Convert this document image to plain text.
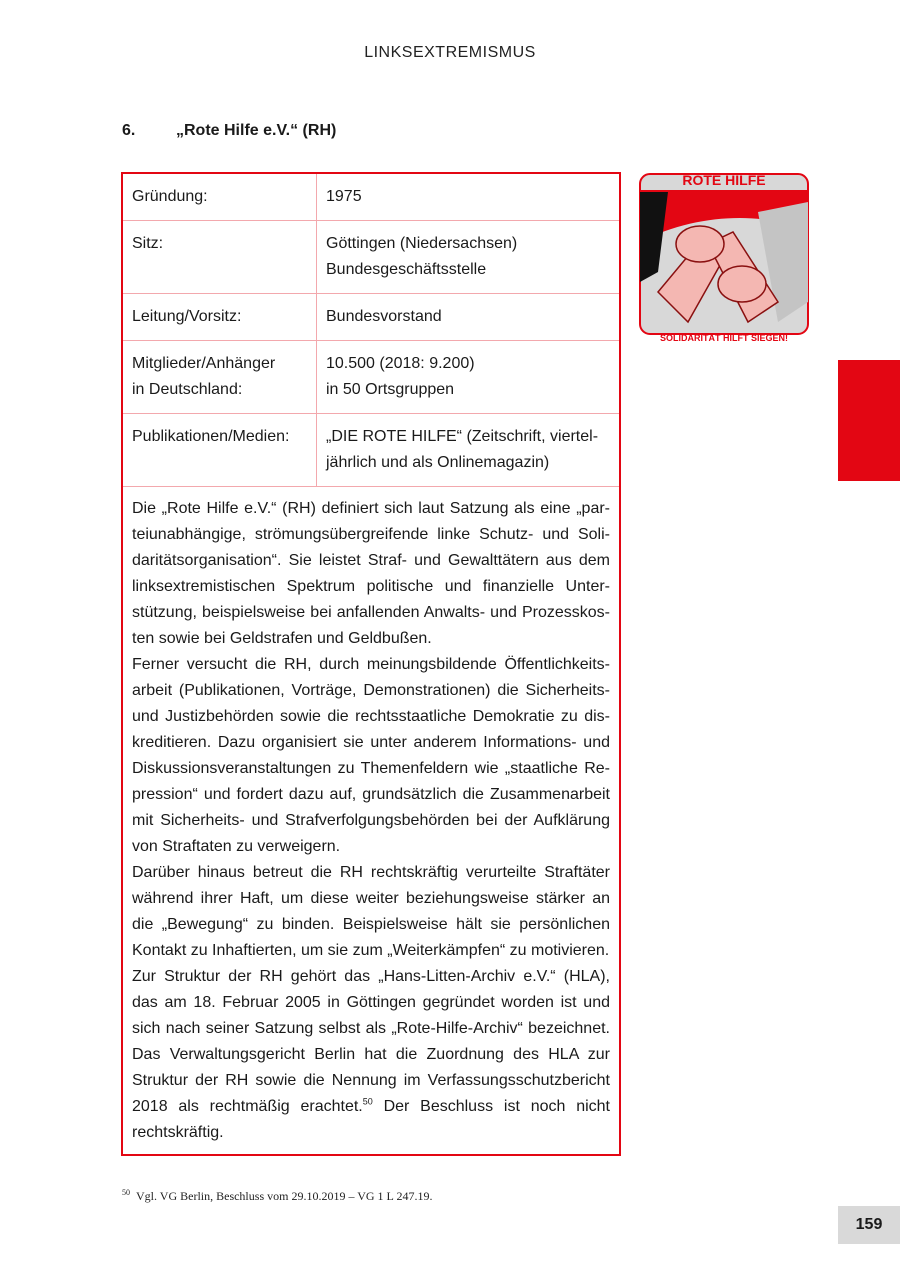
LINKSEXTREMISMUS
6.	„Rote Hilfe e.V.“ (RH)
Gründung:	1975
Sitz:	Göttingen (Niedersachsen)
Bundesgeschäftsstelle
Leitung/Vorsitz:	Bundesvorstand
Mitglieder/Anhänger
in Deutschland:	10.500 (2018: 9.200)
in 50 Ortsgruppen
Publikationen/Medien:	„DIE ROTE HILFE“ (Zeitschrift, vierteljährlich und als Onlinemagazin)

Die „Rote Hilfe e.V.“ (RH) definiert sich laut Satzung als eine „parteiunabhängige, strömungsübergreifende linke Schutz- und Solidaritätsorganisation“. Sie leistet Straf- und Gewalttätern aus dem linksextremistischen Spektrum politische und finanzielle Unterstützung, beispielsweise bei anfallenden Anwalts- und Prozesskosten sowie bei Geldstrafen und Geldbußen.

Ferner versucht die RH, durch meinungsbildende Öffentlichkeitsarbeit (Publikationen, Vorträge, Demonstrationen) die Sicherheits- und Justizbehörden sowie die rechtsstaatliche Demokratie zu diskreditieren. Dazu organisiert sie unter anderem Informations- und Diskussionsveranstaltungen zu Themenfeldern wie „staatliche Repression“ und fordert dazu auf, grundsätzlich die Zusammenarbeit mit Sicherheits- und Strafverfolgungsbehörden bei der Aufklärung von Straftaten zu verweigern.

Darüber hinaus betreut die RH rechtskräftig verurteilte Straftäter während ihrer Haft, um diese weiter beziehungsweise stärker an die „Bewegung“ zu binden. Beispielsweise hält sie persönlichen Kontakt zu Inhaftierten, um sie zum „Weiterkämpfen“ zu motivieren.

Zur Struktur der RH gehört das „Hans-Litten-Archiv e.V.“ (HLA), das am 18. Februar 2005 in Göttingen gegründet worden ist und sich nach seiner Satzung selbst als „Rote-Hilfe-Archiv“ bezeichnet. Das Verwaltungsgericht Berlin hat die Zuordnung des HLA zur Struktur der RH sowie die Nennung im Verfassungsschutzbericht 2018 als rechtmäßig erachtet.$^{50}$ Der Beschluss ist noch nicht rechtskräftig.

ROTE HILFE
SOLIDARITÄT HILFT SIEGEN!
$^{50}$ Vgl. VG Berlin, Beschluss vom 29.10.2019 – VG 1 L 247.19.
159
